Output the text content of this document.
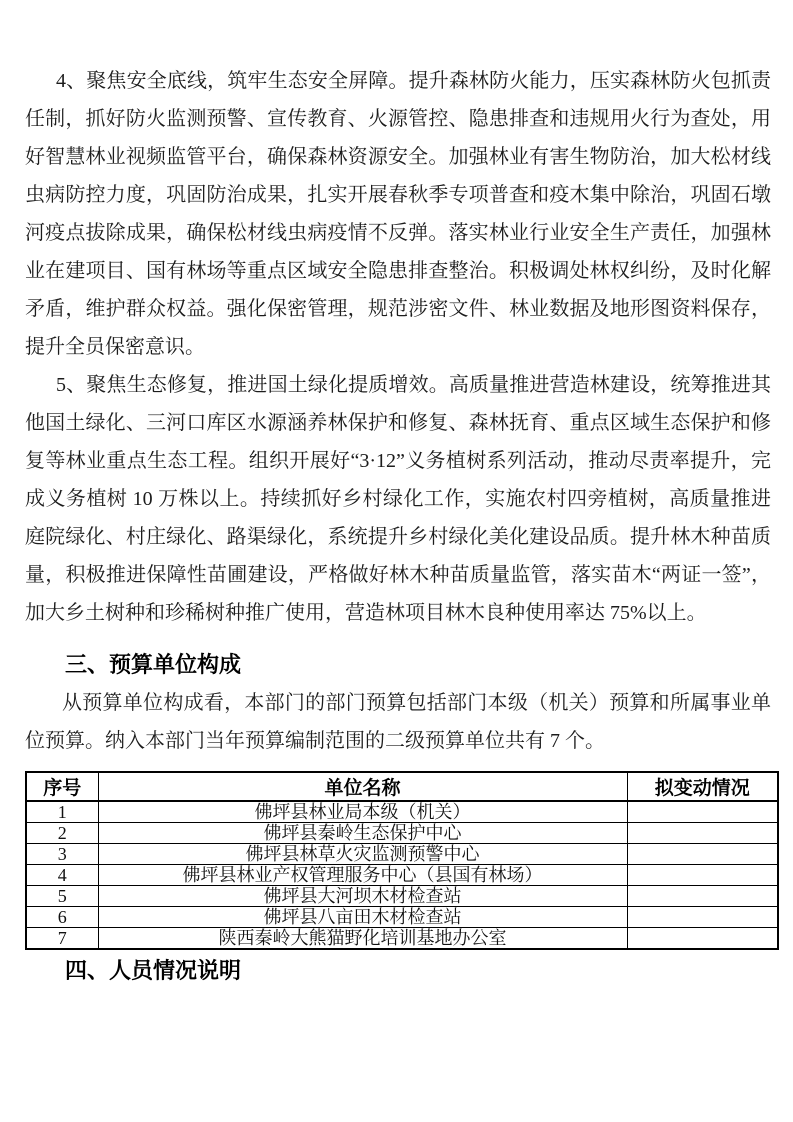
4、聚焦安全底线，筑牢生态安全屏障。提升森林防火能力，压实森林防火包抓责任制，抓好防火监测预警、宣传教育、火源管控、隐患排查和违规用火行为查处，用好智慧林业视频监管平台，确保森林资源安全。加强林业有害生物防治，加大松材线虫病防控力度，巩固防治成果，扎实开展春秋季专项普查和疫木集中除治，巩固石墩河疫点拔除成果，确保松材线虫病疫情不反弹。落实林业行业安全生产责任，加强林业在建项目、国有林场等重点区域安全隐患排查整治。积极调处林权纠纷，及时化解矛盾，维护群众权益。强化保密管理，规范涉密文件、林业数据及地形图资料保存，提升全员保密意识。

5、聚焦生态修复，推进国土绿化提质增效。高质量推进营造林建设，统筹推进其他国土绿化、三河口库区水源涵养林保护和修复、森林抚育、重点区域生态保护和修复等林业重点生态工程。组织开展好“3·12”义务植树系列活动，推动尽责率提升，完成义务植树 10 万株以上。持续抓好乡村绿化工作，实施农村四旁植树，高质量推进庭院绿化、村庄绿化、路渠绿化，系统提升乡村绿化美化建设品质。提升林木种苗质量，积极推进保障性苗圃建设，严格做好林木种苗质量监管，落实苗木“两证一签”，加大乡土树种和珍稀树种推广使用，营造林项目林木良种使用率达 75%以上。

三、预算单位构成

从预算单位构成看，本部门的部门预算包括部门本级（机关）预算和所属事业单位预算。纳入本部门当年预算编制范围的二级预算单位共有 7 个。

序号	单位名称	拟变动情况
1	佛坪县林业局本级（机关）	
2	佛坪县秦岭生态保护中心	
3	佛坪县林草火灾监测预警中心	
4	佛坪县林业产权管理服务中心（县国有林场）	
5	佛坪县大河坝木材检查站	
6	佛坪县八亩田木材检查站	
7	陕西秦岭大熊猫野化培训基地办公室	
四、人员情况说明
